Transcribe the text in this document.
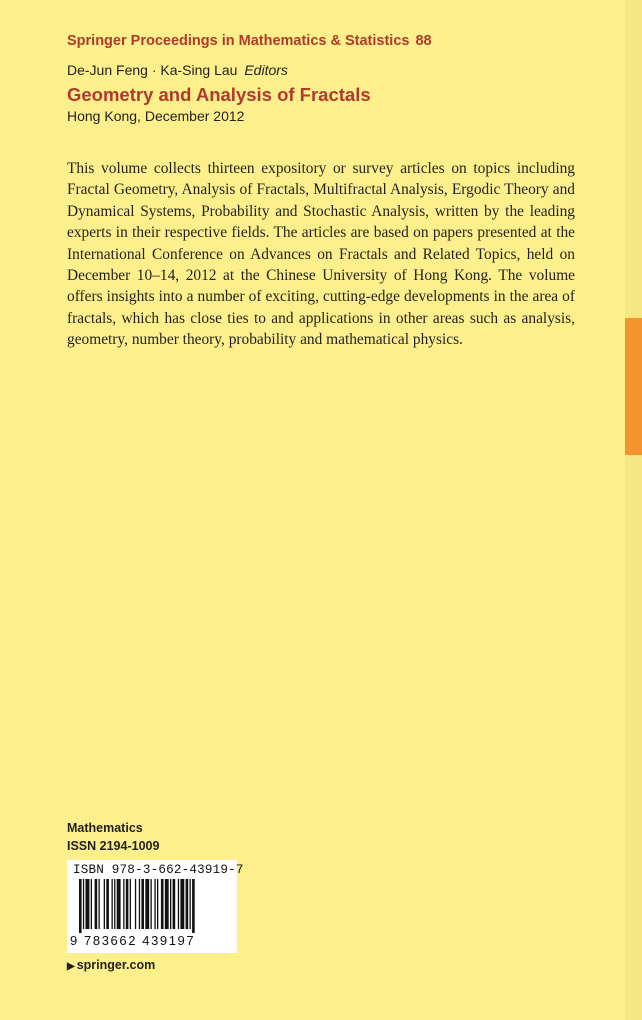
Springer Proceedings in Mathematics & Statistics 88
De-Jun Feng · Ka-Sing Lau Editors
Geometry and Analysis of Fractals
Hong Kong, December 2012

This volume collects thirteen expository or survey articles on topics including Fractal Geometry, Analysis of Fractals, Multifractal Analysis, Ergodic Theory and Dynamical Systems, Probability and Stochastic Analysis, written by the leading experts in their respective fields. The articles are based on papers presented at the International Conference on Advances on Fractals and Related Topics, held on December 10–14, 2012 at the Chinese University of Hong Kong. The volume offers insights into a number of exciting, cutting-edge developments in the area of fractals, which has close ties to and applications in other areas such as analysis, geometry, number theory, probability and mathematical physics.

Mathematics
ISSN 2194-1009
ISBN 978-3-662-43919-7
9 783662 439197
▶ springer.com
